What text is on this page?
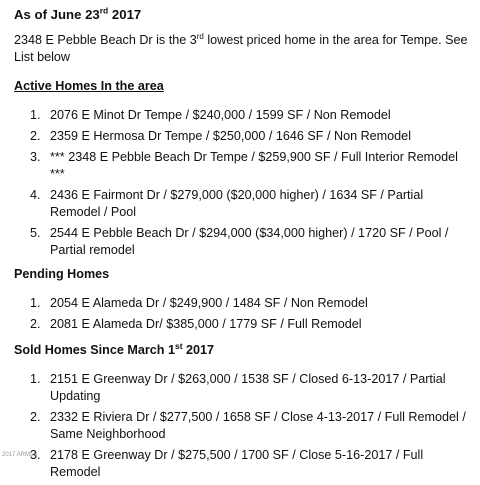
As of June 23rd 2017
2348 E Pebble Beach Dr is the 3rd lowest priced home in the area for Tempe. See List below
Active Homes In the area
1. 2076 E Minot Dr Tempe / $240,000 / 1599 SF / Non Remodel
2. 2359 E Hermosa Dr Tempe / $250,000 / 1646 SF / Non Remodel
3. *** 2348 E Pebble Beach Dr Tempe / $259,900 SF / Full Interior Remodel ***
4. 2436 E Fairmont Dr / $279,000 ($20,000 higher) / 1634 SF / Partial Remodel / Pool
5. 2544 E Pebble Beach Dr / $294,000 ($34,000 higher) / 1720 SF / Pool / Partial remodel
Pending Homes
1. 2054 E Alameda Dr / $249,900 / 1484 SF / Non Remodel
2. 2081 E Alameda Dr/ $385,000 / 1779 SF / Full Remodel
Sold Homes Since March 1st 2017
1. 2151 E Greenway Dr / $263,000 / 1538 SF / Closed 6-13-2017 / Partial Updating
2. 2332 E Riviera Dr / $277,500 / 1658 SF / Close 4-13-2017 / Full Remodel / Same Neighborhood
3. 2178 E Greenway Dr / $275,500 / 1700 SF / Close 5-16-2017 / Full Remodel
2017 ARMLS
